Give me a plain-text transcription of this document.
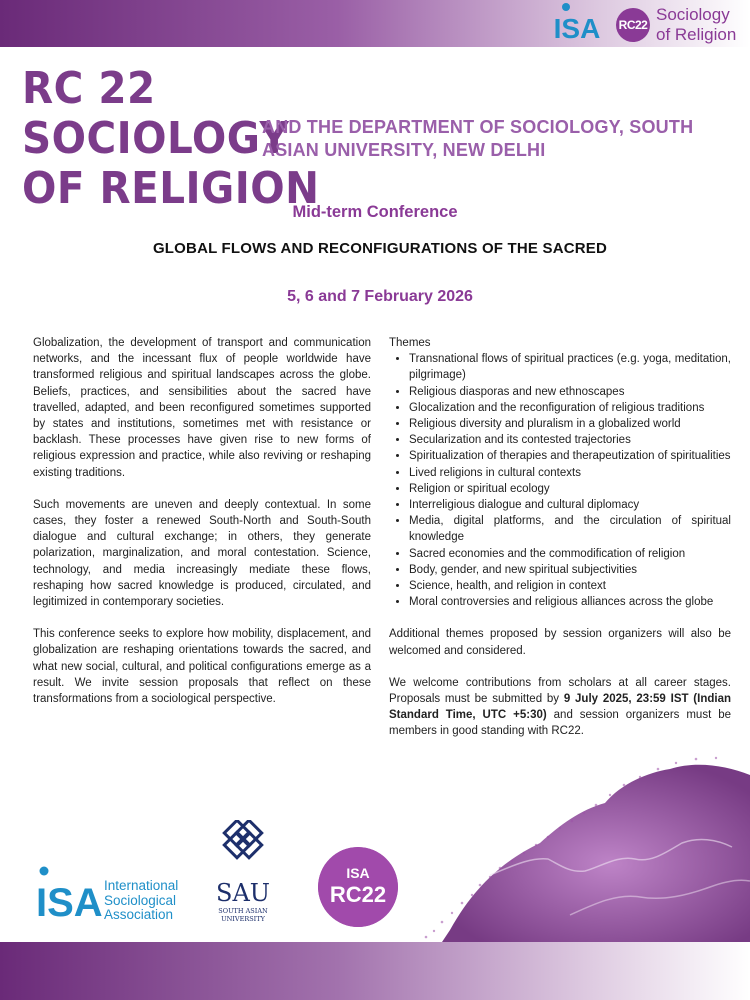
ISA RC22
Sociology
of Religion
RC 22 SOCIOLOGY
OF RELIGION
AND THE DEPARTMENT OF SOCIOLOGY, SOUTH ASIAN UNIVERSITY, NEW DELHI
Mid-term Conference
GLOBAL FLOWS AND RECONFIGURATIONS OF THE SACRED
5, 6 and 7 February 2026

Globalization, the development of transport and communication networks, and the incessant flux of people worldwide have transformed religious and spiritual landscapes across the globe. Beliefs, practices, and sensibilities about the sacred have travelled, adapted, and been reconfigured sometimes supported by states and institutions, sometimes met with resistance or backlash. These processes have given rise to new forms of religious expression and practice, while also reviving or reshaping existing traditions.

Such movements are uneven and deeply contextual. In some cases, they foster a renewed South-North and South-South dialogue and cultural exchange; in others, they generate polarization, marginalization, and moral contestation. Science, technology, and media increasingly mediate these flows, reshaping how sacred knowledge is produced, circulated, and legitimized in contemporary societies.

This conference seeks to explore how mobility, displacement, and globalization are reshaping orientations towards the sacred, and what new social, cultural, and political configurations emerge as a result. We invite session proposals that reflect on these transformations from a sociological perspective.

Themes
• Transnational flows of spiritual practices (e.g. yoga, meditation, pilgrimage)
• Religious diasporas and new ethnoscapes
• Glocalization and the reconfiguration of religious traditions
• Religious diversity and pluralism in a globalized world
• Secularization and its contested trajectories
• Spiritualization of therapies and therapeutization of spiritualities
• Lived religions in cultural contexts
• Religion or spiritual ecology
• Interreligious dialogue and cultural diplomacy
• Media, digital platforms, and the circulation of spiritual knowledge
• Sacred economies and the commodification of religion
• Body, gender, and new spiritual subjectivities
• Science, health, and religion in context
• Moral controversies and religious alliances across the globe

Additional themes proposed by session organizers will also be welcomed and considered.

We welcome contributions from scholars at all career stages. Proposals must be submitted by 9 July 2025, 23:59 IST (Indian Standard Time, UTC +5:30) and session organizers must be members in good standing with RC22.

ISA International
Sociological
Association
SAU
SOUTH ASIAN
UNIVERSITY
ISA
RC22
